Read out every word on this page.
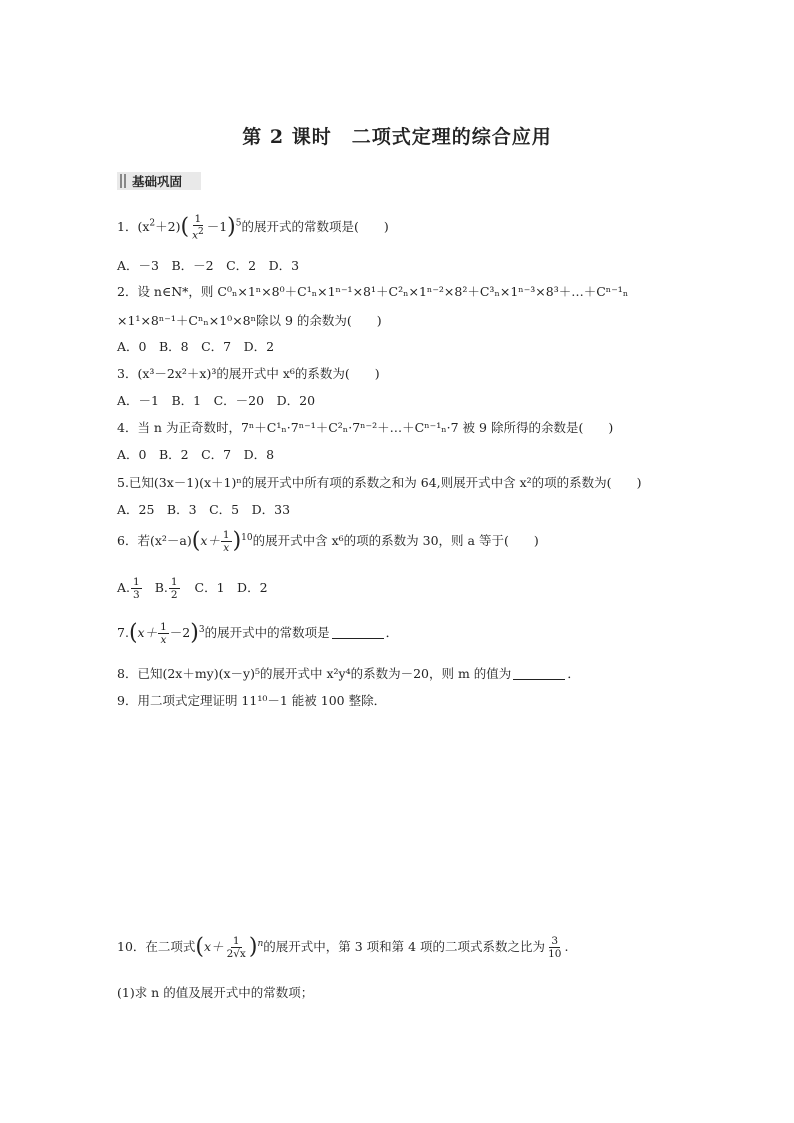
第 2 课时　二项式定理的综合应用
基础巩固
1．$(x^2+2)( \frac{1}{x^2} -1)^5$的展开式的常数项是(　　)
A．－3　B．－2　C．2　D．3
2．设 n∈N*，则 C⁰ₙ×1ⁿ×8⁰＋C¹ₙ×1ⁿ⁻¹×8¹＋C²ₙ×1ⁿ⁻²×8²＋C³ₙ×1ⁿ⁻³×8³＋…＋Cⁿ⁻¹ₙ
×1¹×8ⁿ⁻¹＋Cⁿₙ×1⁰×8ⁿ除以 9 的余数为(　　)
A．0　B．8　C．7　D．2
3．(x³－2x²＋x)³的展开式中 x⁶的系数为(　　)
A．－1　B．1　C．－20　D．20
4．当 n 为正奇数时，7ⁿ＋C¹ₙ·7ⁿ⁻¹＋C²ₙ·7ⁿ⁻²＋…＋Cⁿ⁻¹ₙ·7 被 9 除所得的余数是(　　)
A．0　B．2　C．7　D．8
5.已知(3x－1)(x＋1)ⁿ的展开式中所有项的系数之和为 64,则展开式中含 x²的项的系数为(　　)
A．25　B．3　C．5　D．33
6．若$(x^2-a)(x+ \frac{1}{x} )^{10}$的展开式中含 x⁶的项的系数为 30，则 a 等于(　　)
A. $\frac{1}{3} B$. $\frac{1}{2}$ C．1　D．2
$7.(x+ \frac{1}{x} -2)^3$的展开式中的常数项是	．
8．已知(2x＋my)(x－y)⁵的展开式中 x²y⁴的系数为－20，则 m 的值为	．
9．用二项式定理证明 11¹⁰－1 能被 100 整除．
10．在二项式$(x+ \frac{1}{2√x} )^n$的展开式中，第 3 项和第 4 项的二项式系数之比为 $\frac{3}{10}$ .
(1)求 n 的值及展开式中的常数项；
